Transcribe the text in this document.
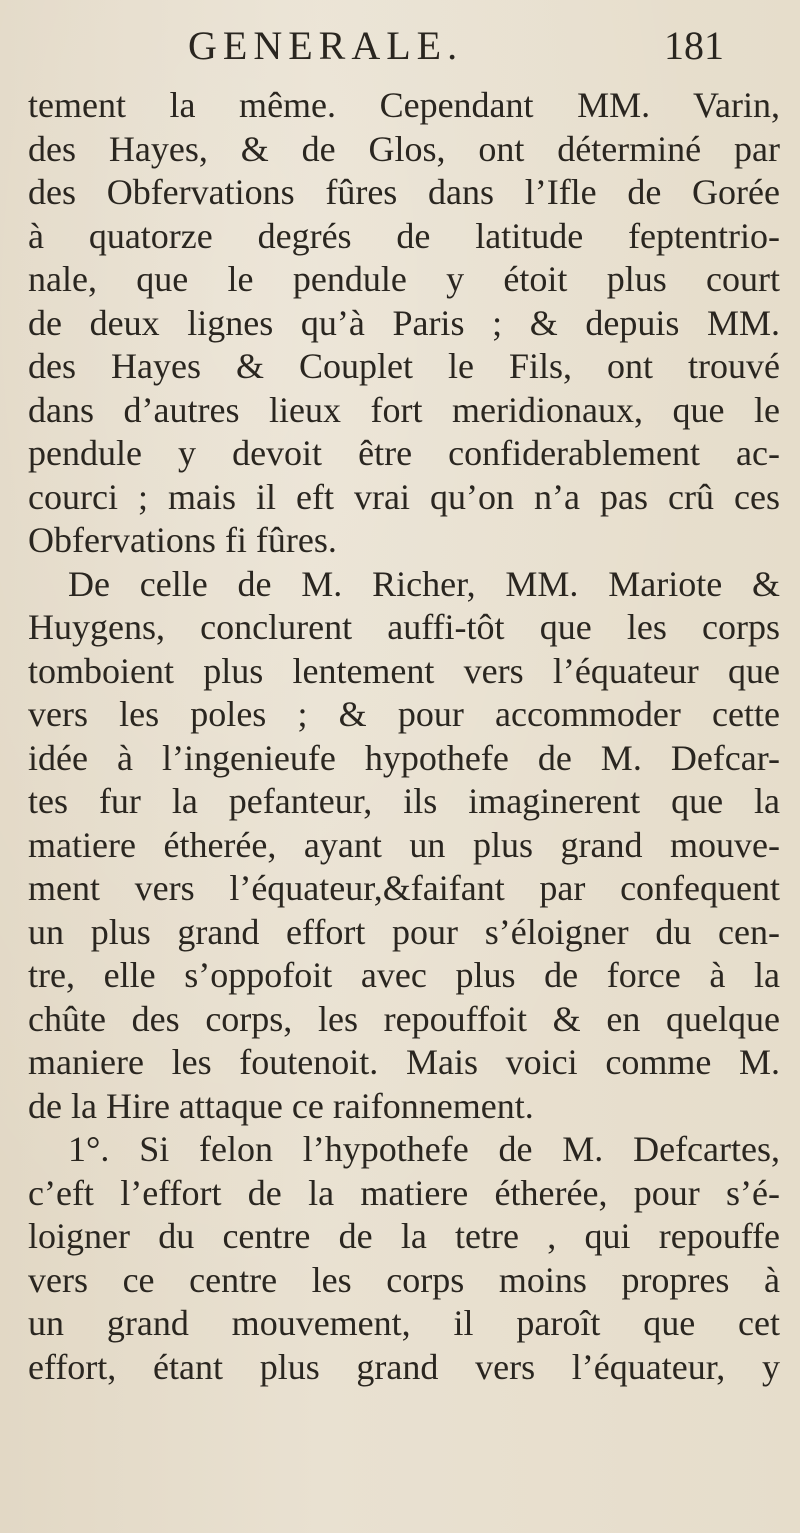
GENERALE.	181
tement la même. Cependant MM. Varin,
des Hayes, & de Glos, ont déterminé par
des Obfervations fûres dans l’Ifle de Gorée
à quatorze degrés de latitude feptentrio-
nale, que le pendule y étoit plus court
de deux lignes qu’à Paris ; & depuis MM.
des Hayes & Couplet le Fils, ont trouvé
dans d’autres lieux fort meridionaux, que le
pendule y devoit être confiderablement ac-
courci ; mais il eft vrai qu’on n’a pas crû ces
Obfervations fi fûres.
De celle de M. Richer, MM. Mariote &
Huygens, conclurent auffi-tôt que les corps
tomboient plus lentement vers l’équateur que
vers les poles ; & pour accommoder cette
idée à l’ingenieufe hypothefe de M. Defcar-
tes fur la pefanteur, ils imaginerent que la
matiere étherée, ayant un plus grand mouve-
ment vers l’équateur,&faifant par confequent
un plus grand effort pour s’éloigner du cen-
tre, elle s’oppofoit avec plus de force à la
chûte des corps, les repouffoit & en quelque
maniere les foutenoit. Mais voici comme M.
de la Hire attaque ce raifonnement.
1°. Si felon l’hypothefe de M. Defcartes,
c’eft l’effort de la matiere étherée, pour s’é-
loigner du centre de la tetre , qui repouffe
vers ce centre les corps moins propres à
un grand mouvement, il paroît que cet
effort, étant plus grand vers l’équateur, y
